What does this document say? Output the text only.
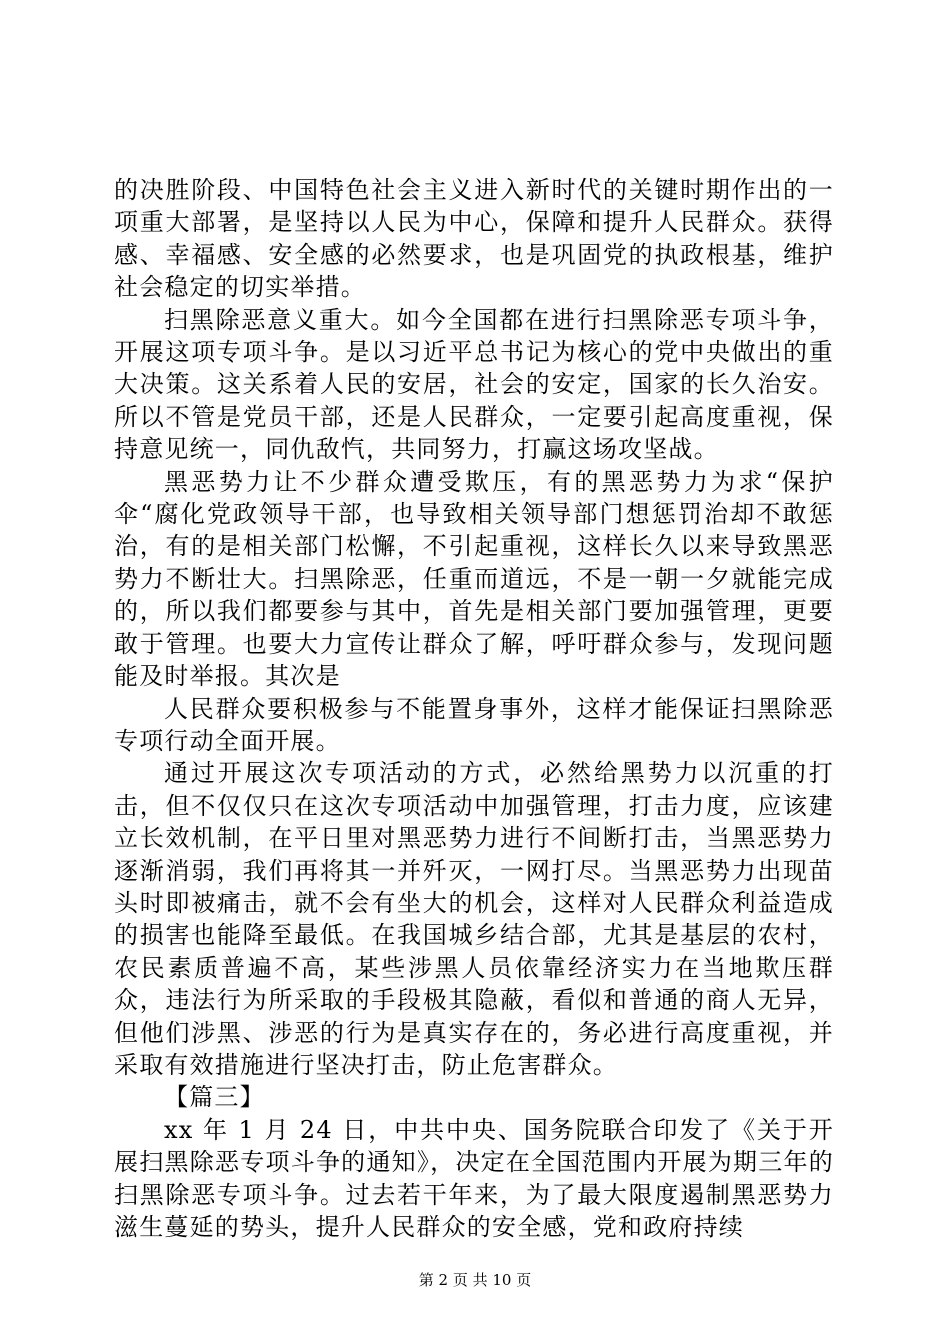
的决胜阶段、中国特色社会主义进入新时代的关键时期作出的一项重大部署，是坚持以人民为中心，保障和提升人民群众。获得感、幸福感、安全感的必然要求，也是巩固党的执政根基，维护社会稳定的切实举措。

扫黑除恶意义重大。如今全国都在进行扫黑除恶专项斗争，开展这项专项斗争。是以习近平总书记为核心的党中央做出的重大决策。这关系着人民的安居，社会的安定，国家的长久治安。所以不管是党员干部，还是人民群众，一定要引起高度重视，保持意见统一，同仇敌忾，共同努力，打赢这场攻坚战。

黑恶势力让不少群众遭受欺压，有的黑恶势力为求“保护伞“腐化党政领导干部，也导致相关领导部门想惩罚治却不敢惩治，有的是相关部门松懈，不引起重视，这样长久以来导致黑恶势力不断壮大。扫黑除恶，任重而道远，不是一朝一夕就能完成的，所以我们都要参与其中，首先是相关部门要加强管理，更要敢于管理。也要大力宣传让群众了解，呼吁群众参与，发现问题能及时举报。其次是

人民群众要积极参与不能置身事外，这样才能保证扫黑除恶专项行动全面开展。

通过开展这次专项活动的方式，必然给黑势力以沉重的打击，但不仅仅只在这次专项活动中加强管理，打击力度，应该建立长效机制，在平日里对黑恶势力进行不间断打击，当黑恶势力逐渐消弱，我们再将其一并歼灭，一网打尽。当黑恶势力出现苗头时即被痛击，就不会有坐大的机会，这样对人民群众利益造成的损害也能降至最低。在我国城乡结合部，尤其是基层的农村，农民素质普遍不高，某些涉黑人员依靠经济实力在当地欺压群众，违法行为所采取的手段极其隐蔽，看似和普通的商人无异，但他们涉黑、涉恶的行为是真实存在的，务必进行高度重视，并采取有效措施进行坚决打击，防止危害群众。

【篇三】

xx 年 1 月 24 日，中共中央、国务院联合印发了《关于开展扫黑除恶专项斗争的通知》，决定在全国范围内开展为期三年的扫黑除恶专项斗争。过去若干年来，为了最大限度遏制黑恶势力滋生蔓延的势头，提升人民群众的安全感，党和政府持续

第 2 页 共 10 页
